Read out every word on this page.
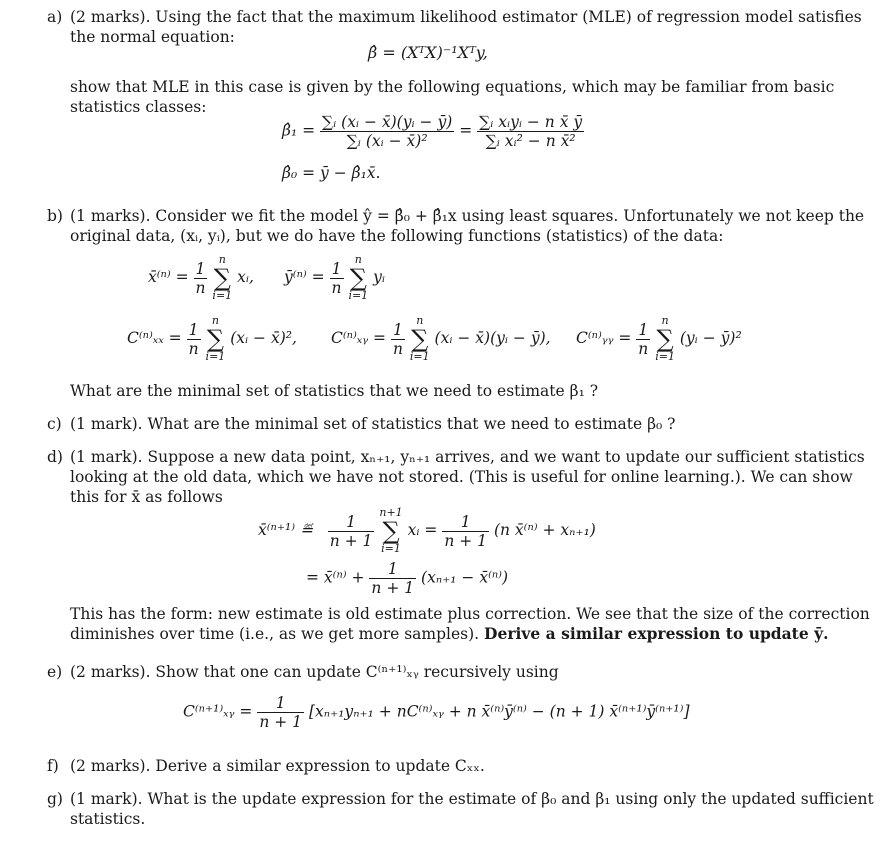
a) (2 marks). Using the fact that the maximum likelihood estimator (MLE) of regression model satisfies
the normal equation:
β̂ = (XᵀX)⁻¹Xᵀy,
show that MLE in this case is given by the following equations, which may be familiar from basic
statistics classes:
β̂₁ = $\frac{\text{∑ᵢ (xᵢ − x̄)(yᵢ − ȳ)}}{\text{∑ᵢ (xᵢ − x̄)²}} = \frac{\text{∑ᵢ xᵢyᵢ − n x̄ ȳ}}{\text{∑ᵢ xᵢ² − n x̄²}}$
β̂₀ = ȳ − β̂₁x̄.
b) (1 marks). Consider we fit the model ŷ = β̂₀ + β̂₁x using least squares. Unfortunately we not keep the
original data, (xᵢ, yᵢ), but we do have the following functions (statistics) of the data:
x̄⁽ⁿ⁾ = $\frac{1}{n}$
	n
∑
i=1
xᵢ, ȳ⁽ⁿ⁾ = $\frac{1}{n}$
	n
∑
i=1
yᵢ
$C^{(n)}_{xx} = \frac{1}{n}$
	n
∑
i=1
(xᵢ − x̄)², C⁽ⁿ⁾ₓᵧ = $\frac{1}{n}$
	n
∑
i=1
(xᵢ − x̄)(yᵢ − ȳ), C⁽ⁿ⁾ᵧᵧ = $\frac{1}{n}$
	n
∑
i=1
(yᵢ − ȳ)²
What are the minimal set of statistics that we need to estimate β₁ ?
c) (1 mark). What are the minimal set of statistics that we need to estimate β₀ ?
d) (1 mark). Suppose a new data point, xₙ₊₁, yₙ₊₁ arrives, and we want to update our sufficient statistics
looking at the old data, which we have not stored. (This is useful for online learning.). We can show
this for x̄ as follows
x̄⁽ⁿ⁺¹⁾ ≝ $\frac{1}{n + 1}$
n+1
∑
i=1
xᵢ = $\frac{1}{n + 1} (n$ x̄⁽ⁿ⁾ + xₙ₊₁)
= x̄⁽ⁿ⁾ + $\frac{1}{n + 1} (x_{n+1}$ − x̄⁽ⁿ⁾)
This has the form: new estimate is old estimate plus correction. We see that the size of the correction
diminishes over time (i.e., as we get more samples). Derive a similar expression to update ȳ.
e) (2 marks). Show that one can update C⁽ⁿ⁺¹⁾ₓᵧ recursively using
C⁽ⁿ⁺¹⁾ₓᵧ = $\frac{1}{n + 1} [x_{n+1}y_{n+1}$ + nC⁽ⁿ⁾ₓᵧ + n x̄⁽ⁿ⁾ȳ⁽ⁿ⁾ − (n + 1) x̄⁽ⁿ⁺¹⁾ȳ⁽ⁿ⁺¹⁾]
f) (2 marks). Derive a similar expression to update Cₓₓ.
g) (1 mark). What is the update expression for the estimate of β₀ and β₁ using only the updated sufficient
statistics.
